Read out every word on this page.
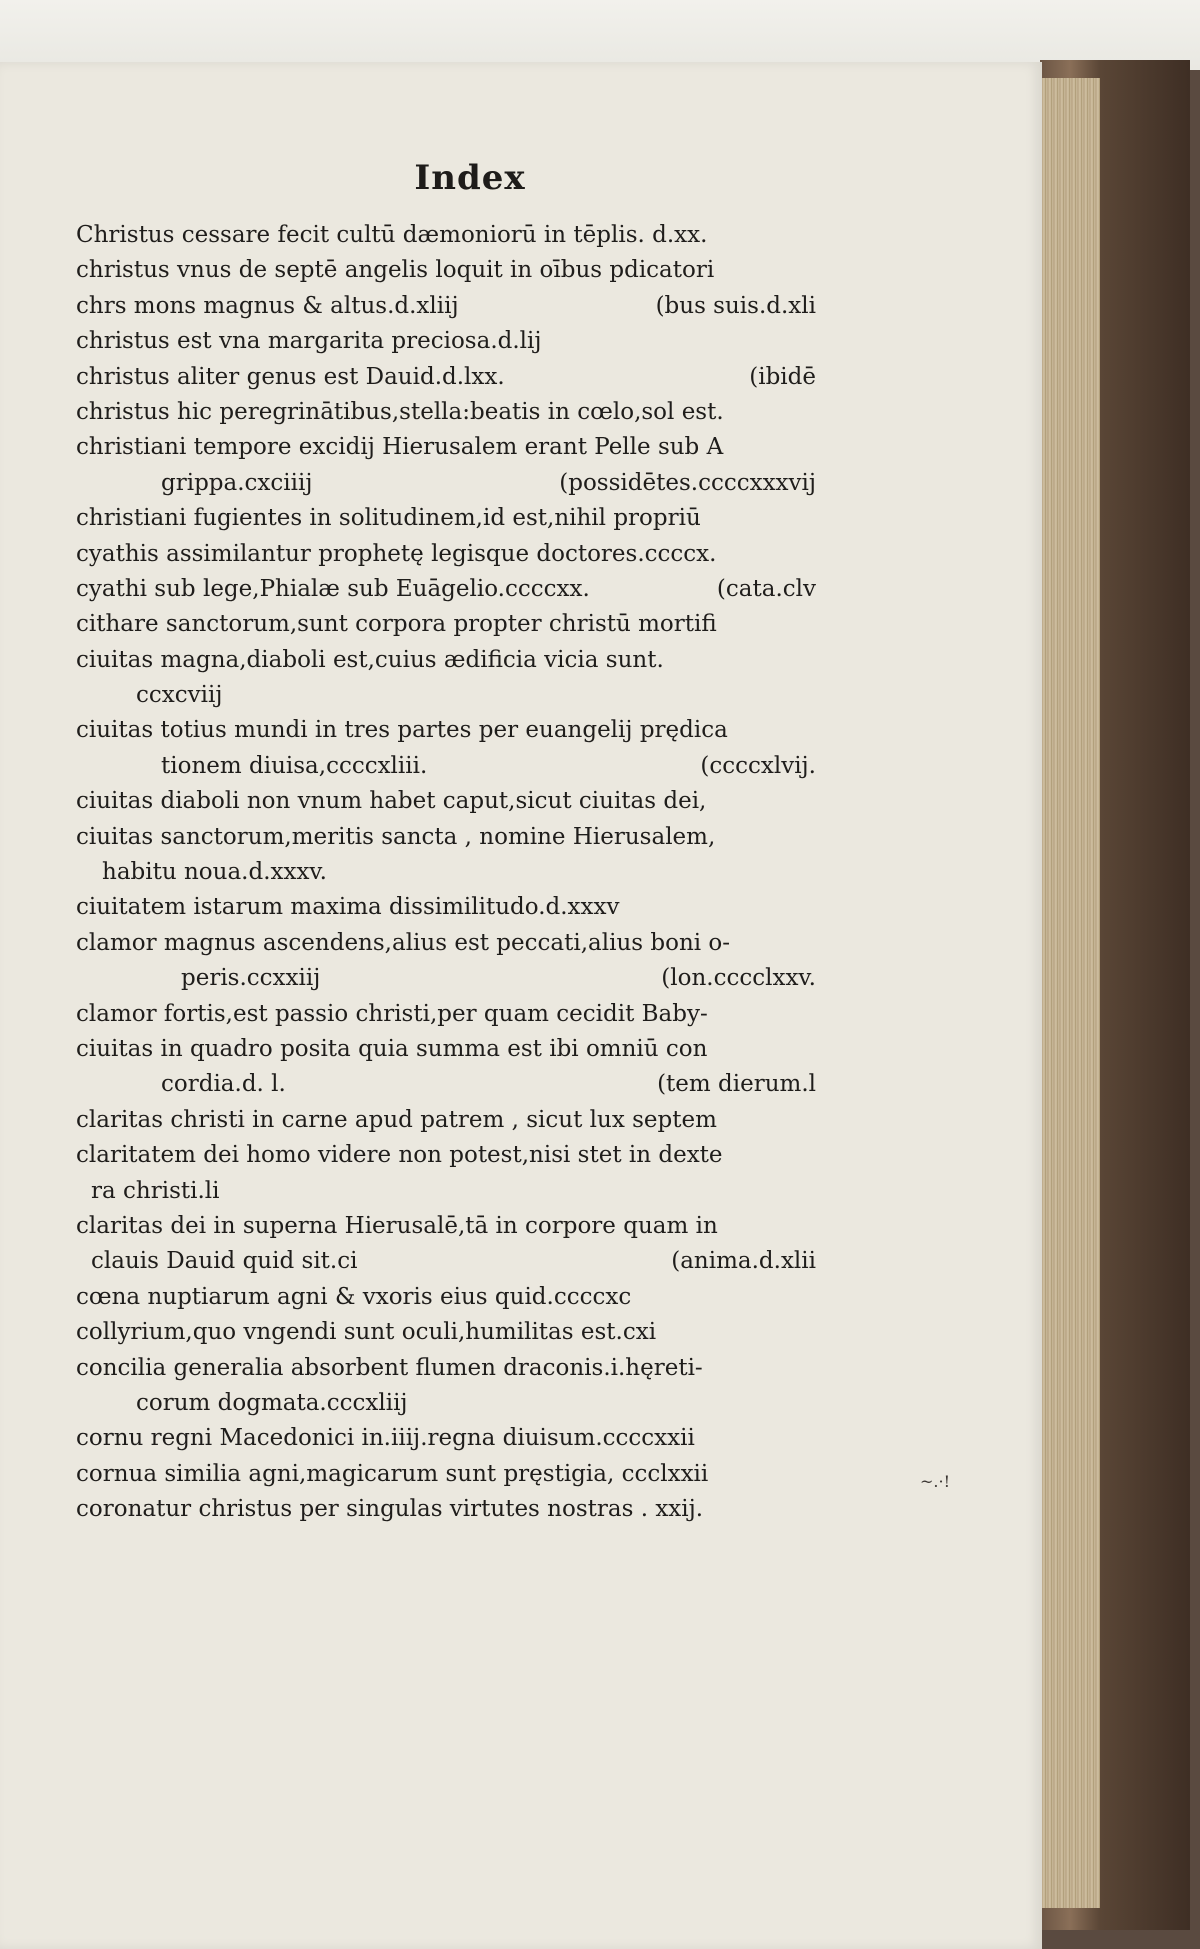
Index
Christus cessare fecit cultū dæmoniorū in tēplis. d.xx.
christus vnus de septē angelis loquit in oībus pdicatori
chrs mons magnus & altus.d.xliij	(bus suis.d.xli
christus est vna margarita preciosa.d.lij
christus aliter genus est Dauid.d.lxx.	(ibidē
christus hic peregrinātibus,stella:beatis in cœlo,sol est.
christiani tempore excidij Hierusalem erant Pelle sub A
grippa.cxciiij	(possidētes.ccccxxxvij
christiani fugientes in solitudinem,id est,nihil propriū
cyathis assimilantur prophetę legisque doctores.ccccx.
cyathi sub lege,Phialæ sub Euāgelio.ccccxx.	(cata.clv
cithare sanctorum,sunt corpora propter christū mortifi
ciuitas magna,diaboli est,cuius ædificia vicia sunt.
ccxcviij
ciuitas totius mundi in tres partes per euangelij prędica
tionem diuisa,ccccxliii.	(ccccxlvij.
ciuitas diaboli non vnum habet caput,sicut ciuitas dei,
ciuitas sanctorum,meritis sancta , nomine Hierusalem,
habitu noua.d.xxxv.
ciuitatem istarum maxima dissimilitudo.d.xxxv
clamor magnus ascendens,alius est peccati,alius boni o-
peris.ccxxiij	(lon.cccclxxv.
clamor fortis,est passio christi,per quam cecidit Baby-
ciuitas in quadro posita quia summa est ibi omniū con
cordia.d. l.	(tem dierum.l
claritas christi in carne apud patrem , sicut lux septem
claritatem dei homo videre non potest,nisi stet in dexte
ra christi.li
claritas dei in superna Hierusalē,tā in corpore quam in
clauis Dauid quid sit.ci	(anima.d.xlii
cœna nuptiarum agni & vxoris eius quid.ccccxc
collyrium,quo vngendi sunt oculi,humilitas est.cxi
concilia generalia absorbent flumen draconis.i.hęreti-
corum dogmata.cccxliij
cornu regni Macedonici in.iiij.regna diuisum.ccccxxii
cornua similia agni,magicarum sunt pręstigia, ccclxxii
coronatur christus per singulas virtutes nostras . xxij.
~.·!
